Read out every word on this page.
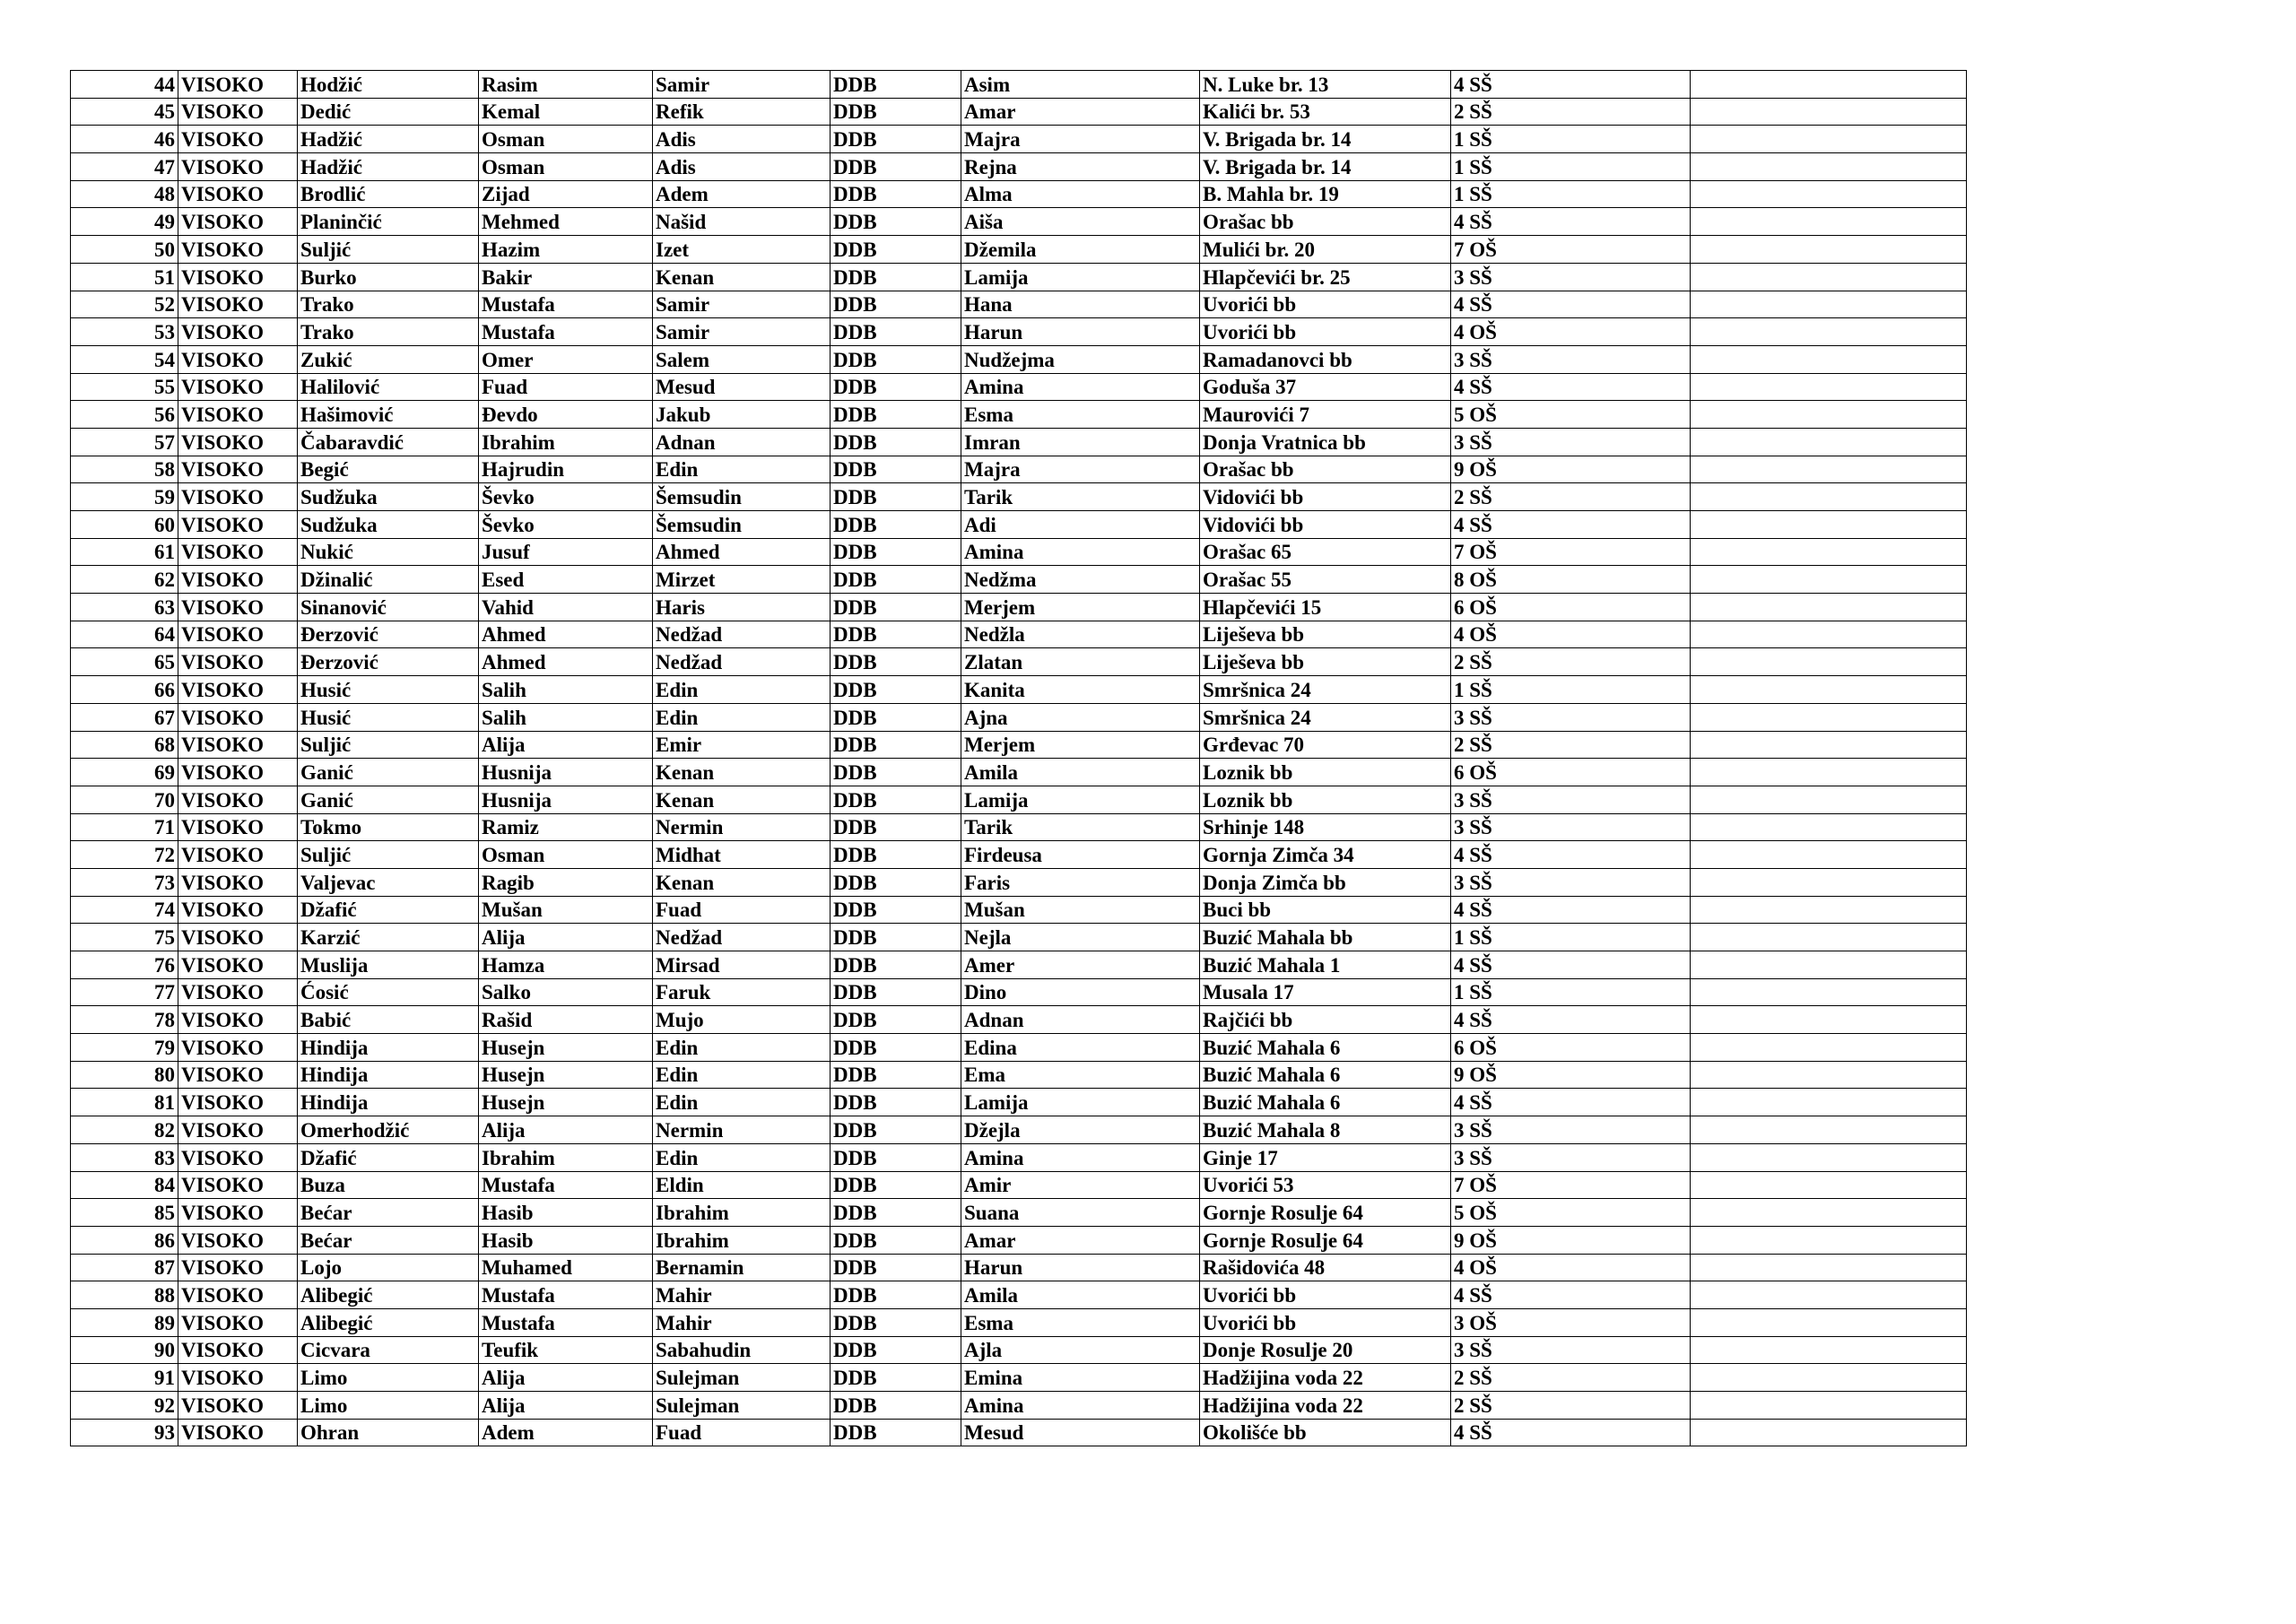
44	VISOKO	Hodžić	Rasim	Samir	DDB	Asim	N. Luke br. 13	4 SŠ	
45	VISOKO	Dedić	Kemal	Refik	DDB	Amar	Kalići br. 53	2 SŠ	
46	VISOKO	Hadžić	Osman	Adis	DDB	Majra	V. Brigada br. 14	1 SŠ	
47	VISOKO	Hadžić	Osman	Adis	DDB	Rejna	V. Brigada br. 14	1 SŠ	
48	VISOKO	Brodlić	Zijad	Adem	DDB	Alma	B. Mahla br. 19	1 SŠ	
49	VISOKO	Planinčić	Mehmed	Našid	DDB	Aiša	Orašac bb	4 SŠ	
50	VISOKO	Suljić	Hazim	Izet	DDB	Džemila	Mulići br. 20	7 OŠ	
51	VISOKO	Burko	Bakir	Kenan	DDB	Lamija	Hlapčevići br. 25	3 SŠ	
52	VISOKO	Trako	Mustafa	Samir	DDB	Hana	Uvorići bb	4 SŠ	
53	VISOKO	Trako	Mustafa	Samir	DDB	Harun	Uvorići bb	4 OŠ	
54	VISOKO	Zukić	Omer	Salem	DDB	Nudžejma	Ramadanovci bb	3 SŠ	
55	VISOKO	Halilović	Fuad	Mesud	DDB	Amina	Goduša 37	4 SŠ	
56	VISOKO	Hašimović	Đevdo	Jakub	DDB	Esma	Maurovići 7	5 OŠ	
57	VISOKO	Čabaravdić	Ibrahim	Adnan	DDB	Imran	Donja Vratnica bb	3 SŠ	
58	VISOKO	Begić	Hajrudin	Edin	DDB	Majra	Orašac bb	9 OŠ	
59	VISOKO	Sudžuka	Ševko	Šemsudin	DDB	Tarik	Vidovići bb	2 SŠ	
60	VISOKO	Sudžuka	Ševko	Šemsudin	DDB	Adi	Vidovići bb	4 SŠ	
61	VISOKO	Nukić	Jusuf	Ahmed	DDB	Amina	Orašac 65	7 OŠ	
62	VISOKO	Džinalić	Esed	Mirzet	DDB	Nedžma	Orašac 55	8 OŠ	
63	VISOKO	Sinanović	Vahid	Haris	DDB	Merjem	Hlapčevići 15	6 OŠ	
64	VISOKO	Đerzović	Ahmed	Nedžad	DDB	Nedžla	Liješeva bb	4 OŠ	
65	VISOKO	Đerzović	Ahmed	Nedžad	DDB	Zlatan	Liješeva bb	2 SŠ	
66	VISOKO	Husić	Salih	Edin	DDB	Kanita	Smršnica 24	1 SŠ	
67	VISOKO	Husić	Salih	Edin	DDB	Ajna	Smršnica 24	3 SŠ	
68	VISOKO	Suljić	Alija	Emir	DDB	Merjem	Grđevac 70	2 SŠ	
69	VISOKO	Ganić	Husnija	Kenan	DDB	Amila	Loznik bb	6 OŠ	
70	VISOKO	Ganić	Husnija	Kenan	DDB	Lamija	Loznik bb	3 SŠ	
71	VISOKO	Tokmo	Ramiz	Nermin	DDB	Tarik	Srhinje 148	3 SŠ	
72	VISOKO	Suljić	Osman	Midhat	DDB	Firdeusa	Gornja Zimča 34	4 SŠ	
73	VISOKO	Valjevac	Ragib	Kenan	DDB	Faris	Donja Zimča bb	3 SŠ	
74	VISOKO	Džafić	Mušan	Fuad	DDB	Mušan	Buci bb	4 SŠ	
75	VISOKO	Karzić	Alija	Nedžad	DDB	Nejla	Buzić Mahala bb	1 SŠ	
76	VISOKO	Muslija	Hamza	Mirsad	DDB	Amer	Buzić Mahala 1	4 SŠ	
77	VISOKO	Ćosić	Salko	Faruk	DDB	Dino	Musala 17	1 SŠ	
78	VISOKO	Babić	Rašid	Mujo	DDB	Adnan	Rajčići bb	4 SŠ	
79	VISOKO	Hindija	Husejn	Edin	DDB	Edina	Buzić Mahala 6	6 OŠ	
80	VISOKO	Hindija	Husejn	Edin	DDB	Ema	Buzić Mahala 6	9 OŠ	
81	VISOKO	Hindija	Husejn	Edin	DDB	Lamija	Buzić Mahala 6	4 SŠ	
82	VISOKO	Omerhodžić	Alija	Nermin	DDB	Džejla	Buzić Mahala 8	3 SŠ	
83	VISOKO	Džafić	Ibrahim	Edin	DDB	Amina	Ginje 17	3 SŠ	
84	VISOKO	Buza	Mustafa	Eldin	DDB	Amir	Uvorići 53	7 OŠ	
85	VISOKO	Bećar	Hasib	Ibrahim	DDB	Suana	Gornje Rosulje 64	5 OŠ	
86	VISOKO	Bećar	Hasib	Ibrahim	DDB	Amar	Gornje Rosulje 64	9 OŠ	
87	VISOKO	Lojo	Muhamed	Bernamin	DDB	Harun	Rašidovića 48	4 OŠ	
88	VISOKO	Alibegić	Mustafa	Mahir	DDB	Amila	Uvorići bb	4 SŠ	
89	VISOKO	Alibegić	Mustafa	Mahir	DDB	Esma	Uvorići bb	3 OŠ	
90	VISOKO	Cicvara	Teufik	Sabahudin	DDB	Ajla	Donje Rosulje 20	3 SŠ	
91	VISOKO	Limo	Alija	Sulejman	DDB	Emina	Hadžijina voda 22	2 SŠ	
92	VISOKO	Limo	Alija	Sulejman	DDB	Amina	Hadžijina voda 22	2 SŠ	
93	VISOKO	Ohran	Adem	Fuad	DDB	Mesud	Okolišće bb	4 SŠ	
